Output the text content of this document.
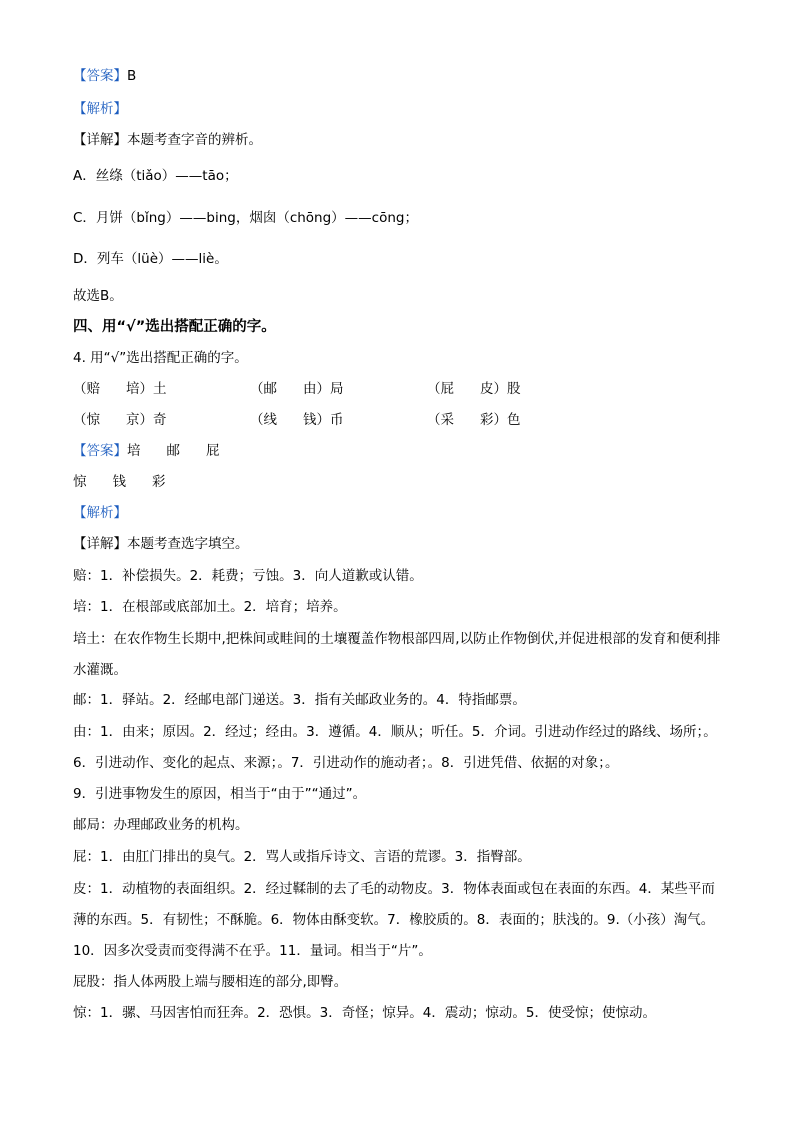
【答案】B
【解析】
【详解】本题考查字音的辨析。
A．丝绦（tiǎo）——tāo；
C．月饼（bǐng）——bing，烟囱（chōng）——cōng；
D．列车（lüè）——liè。
故选B。
四、用“√”选出搭配正确的字。
4. 用“√”选出搭配正确的字。
（赔 培）土	（邮 由）局	（屁 皮）股
（惊 京）奇	（线 钱）币	（采 彩）色
【答案】培 邮 屁
惊 钱 彩
【解析】
【详解】本题考查选字填空。
赔：1．补偿损失。2．耗费；亏蚀。3．向人道歉或认错。
培：1．在根部或底部加土。2．培育；培养。
培土：在农作物生长期中,把株间或畦间的土壤覆盖作物根部四周,以防止作物倒伏,并促进根部的发育和便利排水灌溉。
邮：1．驿站。2．经邮电部门递送。3．指有关邮政业务的。4．特指邮票。
由：1．由来；原因。2．经过；经由。3．遵循。4．顺从；听任。5．介词。引进动作经过的路线、场所；。6．引进动作、变化的起点、来源；。7．引进动作的施动者；。8．引进凭借、依据的对象；。
9．引进事物发生的原因，相当于“由于”“通过”。
邮局：办理邮政业务的机构。
屁：1．由肛门排出的臭气。2．骂人或指斥诗文、言语的荒谬。3．指臀部。
皮：1．动植物的表面组织。2．经过鞣制的去了毛的动物皮。3．物体表面或包在表面的东西。4．某些平而薄的东西。5．有韧性；不酥脆。6．物体由酥变软。7．橡胶质的。8．表面的；肤浅的。9.（小孩）淘气。10．因多次受责而变得满不在乎。11．量词。相当于“片”。
屁股：指人体两股上端与腰相连的部分,即臀。
惊：1．骡、马因害怕而狂奔。2．恐惧。3．奇怪；惊异。4．震动；惊动。5．使受惊；使惊动。
